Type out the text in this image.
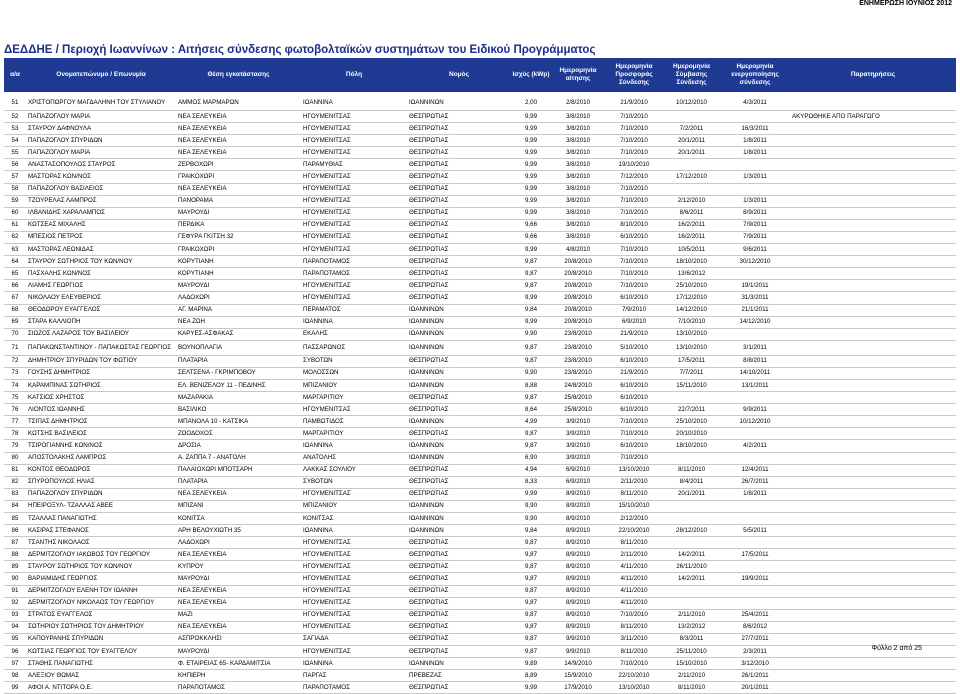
ΕΝΗΜΕΡΩΣΗ ΙΟΥΝΙΟΣ 2012
ΔΕΔΔΗΕ / Περιοχή Ιωαννίνων : Αιτήσεις σύνδεσης φωτοβολταϊκών συστημάτων του Ειδικού Προγράμματος
α/α	Ονοματεπώνυμο / Επωνυμία	Θέση εγκατάστασης	Πόλη	Νομός	Ισχύς (kWp)	Ημερομηνία αίτησης	Ημερομηνία Προσφοράς Σύνδεσης	Ημερομηνία Σύμβασης Σύνδεσης	Ημερομηνία ενεργοποίησης σύνδεσης	Παρατηρήσεις

51	ΧΡΙΣΤΟΠΩΡΓΟΥ ΜΑΓΔΑΛΗΝΗ ΤΟΥ ΣΤΥΛΙΑΝΟΥ	ΑΜΜΟΣ ΜΑΡΜΑΡΩΝ	ΙΩΑΝΝΙΝΑ	ΙΩΑΝΝΙΝΩΝ	2,00	2/8/2010	21/9/2010	10/12/2010	4/3/2011	
52	ΠΑΠΑΖΟΓΛΟΥ ΜΑΡΙΑ	ΝΕΑ ΣΕΛΕΥΚΕΙΑ	ΗΓΟΥΜΕΝΙΤΣΑΣ	ΘΕΣΠΡΩΤΙΑΣ	9,99	3/8/2010	7/10/2010			ΑΚΥΡΩΘΗΚΕ ΑΠΟ ΠΑΡΑΓΩΓΟ
53	ΣΤΑΥΡΟΥ ΔΑΦΝΟΥΛΑ	ΝΕΑ ΣΕΛΕΥΚΕΙΑ	ΗΓΟΥΜΕΝΙΤΣΑΣ	ΘΕΣΠΡΩΤΙΑΣ	9,99	3/8/2010	7/10/2010	7/2/2011	16/3/2011	
54	ΠΑΠΑΖΟΓΛΟΥ ΣΠΥΡΙΔΩΝ	ΝΕΑ ΣΕΛΕΥΚΕΙΑ	ΗΓΟΥΜΕΝΙΤΣΑΣ	ΘΕΣΠΡΩΤΙΑΣ	9,99	3/8/2010	7/10/2010	20/1/2011	1/8/2011	
55	ΠΑΠΑΖΟΓΛΟΥ ΜΑΡΙΑ	ΝΕΑ ΣΕΛΕΥΚΕΙΑ	ΗΓΟΥΜΕΝΙΤΣΑΣ	ΘΕΣΠΡΩΤΙΑΣ	9,99	3/8/2010	7/10/2010	20/1/2011	1/8/2011	
56	ΑΝΑΣΤΑΣΟΠΟΥΛΟΣ ΣΤΑΥΡΟΣ	ΖΕΡΒΟΧΩΡΙ	ΠΑΡΑΜΥΘΙΑΣ	ΘΕΣΠΡΩΤΙΑΣ	9,99	3/8/2010	19/10/2010			
57	ΜΑΣΤΟΡΑΣ ΚΩΝ/ΝΟΣ	ΓΡΑΙΚΟΧΩΡΙ	ΗΓΟΥΜΕΝΙΤΣΑΣ	ΘΕΣΠΡΩΤΙΑΣ	9,99	3/8/2010	7/12/2010	17/12/2010	1/3/2011	
58	ΠΑΠΑΖΟΓΛΟΥ ΒΑΣΙΛΕΙΟΣ	ΝΕΑ ΣΕΛΕΥΚΕΙΑ	ΗΓΟΥΜΕΝΙΤΣΑΣ	ΘΕΣΠΡΩΤΙΑΣ	9,99	3/8/2010	7/10/2010			
59	ΤΖΟΥΡΕΛΑΣ ΛΑΜΠΡΟΣ	ΠΑΝΟΡΑΜΑ	ΗΓΟΥΜΕΝΙΤΣΑΣ	ΘΕΣΠΡΩΤΙΑΣ	9,99	3/8/2010	7/10/2010	2/12/2010	1/3/2011	
60	ΙΛΒΑΝΙΔΗΣ ΧΑΡΑΛΑΜΠΟΣ	ΜΑΥΡΟΥΔΙ	ΗΓΟΥΜΕΝΙΤΣΑΣ	ΘΕΣΠΡΩΤΙΑΣ	9,99	3/8/2010	7/10/2010	8/6/2011	8/9/2011	
61	ΚΩΤΣΕΑΣ ΜΙΧΑΛΗΣ	ΠΕΡΔΙΚΑ	ΗΓΟΥΜΕΝΙΤΣΑΣ	ΘΕΣΠΡΩΤΙΑΣ	9,66	3/8/2010	8/10/2010	16/2/2011	7/9/2011	
62	ΜΠΕΣΙΟΣ ΠΕΤΡΟΣ	ΓΕΦΥΡΑ ΓΚΙΤΣΗ 32	ΗΓΟΥΜΕΝΙΤΣΑΣ	ΘΕΣΠΡΩΤΙΑΣ	9,66	3/8/2010	6/10/2010	16/2/2011	7/9/2011	
63	ΜΑΣΤΟΡΑΣ ΛΕΩΝΙΔΑΣ	ΓΡΑΙΚΟΧΩΡΙ	ΗΓΟΥΜΕΝΙΤΣΑΣ	ΘΕΣΠΡΩΤΙΑΣ	9,99	4/8/2010	7/10/2010	10/5/2011	9/6/2011	
64	ΣΤΑΥΡΟΥ ΣΩΤΗΡΙΟΣ ΤΟΥ ΚΩΝ/ΝΟΥ	ΚΟΡΥΤΙΑΝΗ	ΠΑΡΑΠΟΤΑΜΟΣ	ΘΕΣΠΡΩΤΙΑΣ	9,87	20/8/2010	7/10/2010	18/10/2010	30/12/2010	
65	ΠΑΣΧΑΛΗΣ ΚΩΝ/ΝΟΣ	ΚΟΡΥΤΙΑΝΗ	ΠΑΡΑΠΟΤΑΜΟΣ	ΘΕΣΠΡΩΤΙΑΣ	9,87	20/8/2010	7/10/2010	13/6/2012		
66	ΛΙΑΜΗΣ ΓΕΩΡΓΙΟΣ	ΜΑΥΡΟΥΔΙ	ΗΓΟΥΜΕΝΙΤΣΑΣ	ΘΕΣΠΡΩΤΙΑΣ	9,87	20/8/2010	7/10/2010	25/10/2010	19/1/2011	
67	ΝΙΚΟΛΑΟΥ ΕΛΕΥΘΕΡΙΟΣ	ΛΑΔΟΧΩΡΙ	ΗΓΟΥΜΕΝΙΤΣΑΣ	ΘΕΣΠΡΩΤΙΑΣ	9,99	20/8/2010	6/10/2010	17/12/2010	31/3/2011	
68	ΘΕΟΔΩΡΟΥ ΕΥΑΓΓΕΛΟΣ	ΑΓ. ΜΑΡΙΝΑ	ΠΕΡΑΜΑΤΟΣ	ΙΩΑΝΝΙΝΩΝ	9,84	20/8/2010	7/9/2010	14/12/2010	21/1/2011	
69	ΣΤΑΡΑ ΚΑΛΛΙΟΠΗ	ΝΕΑ ΖΩΗ	ΙΩΑΝΝΙΝΑ	ΙΩΑΝΝΙΝΩΝ	9,99	20/8/2010	6/9/2010	7/10/2010	14/12/2010	
70	ΣΙΩΖΟΣ ΛΑΖΑΡΟΣ ΤΟΥ ΒΑΣΙΛΕΙΟΥ	ΚΑΡΥΕΣ-ΑΣΦΑΚΑΣ	ΕΚΑΛΗΣ	ΙΩΑΝΝΙΝΩΝ	9,90	23/8/2010	21/9/2010	13/10/2010		
71	ΠΑΠΑΚΩΝΣΤΑΝΤΙΝΟΥ - ΠΑΠΑΚΩΣΤΑΣ ΓΕΩΡΓΙΟΣ	ΒΟΥΝΟΠΛΑΓΙΑ	ΠΑΣΣΑΡΩΝΟΣ	ΙΩΑΝΝΙΝΩΝ	9,87	23/8/2010	5/10/2010	13/10/2010	3/1/2011	
72	ΔΗΜΗΤΡΙΟΥ ΣΠΥΡΙΔΩΝ ΤΟΥ ΦΩΤΙΟΥ	ΠΛΑΤΑΡΙΑ	ΣΥΒΟΤΩΝ	ΘΕΣΠΡΩΤΙΑΣ	9,87	23/8/2010	6/10/2010	17/5/2011	8/8/2011	
73	ΓΟΥΣΗΣ ΔΗΜΗΤΡΙΟΣ	ΣΕΛΤΣΕΝΑ - ΓΚΡΙΜΠΟΒΟΥ	ΜΟΛΟΣΣΩΝ	ΙΩΑΝΝΙΝΩΝ	9,90	23/8/2010	21/9/2010	7/7/2011	14/10/2011	
74	ΚΑΡΑΜΠΙΝΑΣ ΣΩΤΗΡΙΟΣ	ΕΛ. ΒΕΝΙΖΕΛΟΥ 11 - ΠΕΔΙΝΗΣ	ΜΠΙΖΑΝΙΟΥ	ΙΩΑΝΝΙΝΩΝ	8,88	24/8/2010	6/10/2010	15/11/2010	13/1/2011	
75	ΚΑΤΣΙΟΣ ΧΡΗΣΤΟΣ	ΜΑΖΑΡΑΚΙΑ	ΜΑΡΓΑΡΙΤΙΟΥ	ΘΕΣΠΡΩΤΙΑΣ	9,87	25/8/2010	6/10/2010			
76	ΛΙΟΝΤΟΣ ΙΩΑΝΝΗΣ	ΒΑΣΙΛΙΚΟ	ΗΓΟΥΜΕΝΙΤΣΑΣ	ΘΕΣΠΡΩΤΙΑΣ	8,64	25/8/2010	6/10/2010	22/7/2011	9/9/2011	
77	ΤΣΙΠΑΣ ΔΗΜΗΤΡΙΟΣ	ΜΠΑΝΟΛΑ 10 - ΚΑΤΣΙΚΑ	ΠΑΜΒΩΤΙΔΟΣ	ΙΩΑΝΝΙΝΩΝ	4,99	3/9/2010	7/10/2010	25/10/2010	10/12/2010	
78	ΚΩΤΣΗΣ ΒΑΣΙΛΕΙΟΣ	ΖΩΟΔΟΧΟΣ	ΜΑΡΓΑΡΙΤΙΟΥ	ΘΕΣΠΡΩΤΙΑΣ	9,87	3/9/2010	7/10/2010	20/10/2010		
79	ΤΣΙΡΟΓΙΑΝΝΗΣ ΚΩΝ/ΝΟΣ	ΔΡΟΣΙΑ	ΙΩΑΝΝΙΝΑ	ΙΩΑΝΝΙΝΩΝ	9,87	3/9/2010	6/10/2010	18/10/2010	4/2/2011	
80	ΑΠΟΣΤΟΛΑΚΗΣ ΛΑΜΠΡΟΣ	Α. ΖΑΠΠΑ 7 - ΑΝΑΤΟΛΗ	ΑΝΑΤΟΛΗΣ	ΙΩΑΝΝΙΝΩΝ	6,90	3/9/2010	7/10/2010			
81	ΚΟΝΤΟΣ ΘΕΟΔΩΡΟΣ	ΠΑΛΑΙΟΧΩΡΙ ΜΠΟΤΣΑΡΗ	ΛΑΚΚΑΣ ΣΟΥΛΙΟΥ	ΘΕΣΠΡΩΤΙΑΣ	4,94	6/9/2010	13/10/2010	8/11/2010	12/4/2011	
82	ΣΠΥΡΟΠΟΥΛΟΣ ΗΛΙΑΣ	ΠΛΑΤΑΡΙΑ	ΣΥΒΟΤΩΝ	ΘΕΣΠΡΩΤΙΑΣ	8,33	6/9/2010	2/11/2010	8/4/2011	26/7/2011	
83	ΠΑΠΑΖΟΓΛΟΥ ΣΠΥΡΙΔΩΝ	ΝΕΑ ΣΕΛΕΥΚΕΙΑ	ΗΓΟΥΜΕΝΙΤΣΑΣ	ΘΕΣΠΡΩΤΙΑΣ	9,99	8/9/2010	8/11/2010	20/1/2011	1/8/2011	
84	ΗΠΕΙΡΟΞΥΛ- ΤΖΑΛΛΑΣ ΑΒΕΕ	ΜΠΙΖΑΝΙ	ΜΠΙΖΑΝΙΟΥ	ΙΩΑΝΝΙΝΩΝ	9,90	8/9/2010	15/10/2010			
85	ΤΖΑΛΛΑΣ ΠΑΝΑΓΙΩΤΗΣ	ΚΟΝΙΤΣΑ	ΚΟΝΙΤΣΑΣ	ΙΩΑΝΝΙΝΩΝ	9,90	8/9/2010	2/12/2010			
86	ΚΑΣΙΡΑΣ ΣΤΕΦΑΝΟΣ	ΑΡΗ ΒΕΛΟΥΧΙΩΤΗ 35	ΙΩΑΝΝΙΝΑ	ΙΩΑΝΝΙΝΩΝ	9,84	8/9/2010	22/10/2010	28/12/2010	5/5/2011	
87	ΤΣΑΝΤΗΣ ΝΙΚΟΛΑΟΣ	ΛΑΔΟΧΩΡΙ	ΗΓΟΥΜΕΝΙΤΣΑΣ	ΘΕΣΠΡΩΤΙΑΣ	9,87	8/9/2010	8/11/2010			
88	ΔΕΡΜΙΤΖΟΓΛΟΥ ΙΑΚΩΒΟΣ ΤΟΥ ΓΕΩΡΓΙΟΥ	ΝΕΑ ΣΕΛΕΥΚΕΙΑ	ΗΓΟΥΜΕΝΙΤΣΑΣ	ΘΕΣΠΡΩΤΙΑΣ	9,87	8/9/2010	2/11/2010	14/2/2011	17/5/2011	
89	ΣΤΑΥΡΟΥ ΣΩΤΗΡΙΟΣ ΤΟΥ ΚΩΝ/ΝΟΥ	ΚΥΠΡΟΥ	ΗΓΟΥΜΕΝΙΤΣΑΣ	ΘΕΣΠΡΩΤΙΑΣ	9,87	8/9/2010	4/11/2010	26/11/2010		
90	ΒΑΡΙΑΜΙΔΗΣ ΓΕΩΡΓΙΟΣ	ΜΑΥΡΟΥΔΙ	ΗΓΟΥΜΕΝΙΤΣΑΣ	ΘΕΣΠΡΩΤΙΑΣ	9,87	8/9/2010	4/11/2010	14/2/2011	19/9/2011	
91	ΔΕΡΜΙΤΖΟΓΛΟΥ ΕΛΕΝΗ ΤΟΥ ΙΩΑΝΝΗ	ΝΕΑ ΣΕΛΕΥΚΕΙΑ	ΗΓΟΥΜΕΝΙΤΣΑΣ	ΘΕΣΠΡΩΤΙΑΣ	9,87	8/9/2010	4/11/2010			
92	ΔΕΡΜΙΤΖΟΓΛΟΥ ΝΙΚΟΛΑΟΣ ΤΟΥ ΓΕΩΡΓΙΟΥ	ΝΕΑ ΣΕΛΕΥΚΕΙΑ	ΗΓΟΥΜΕΝΙΤΣΑΣ	ΘΕΣΠΡΩΤΙΑΣ	9,87	8/9/2010	4/11/2010			
93	ΣΤΡΑΤΟΣ ΕΥΑΓΓΕΛΟΣ	ΜΑΖΙ	ΗΓΟΥΜΕΝΙΤΣΑΣ	ΘΕΣΠΡΩΤΙΑΣ	9,87	8/9/2010	7/10/2010	2/11/2010	25/4/2011	
94	ΣΩΤΗΡΙΟΥ ΣΩΤΗΡΙΟΣ ΤΟΥ ΔΗΜΗΤΡΙΟΥ	ΝΕΑ ΣΕΛΕΥΚΕΙΑ	ΗΓΟΥΜΕΝΙΤΣΑΣ	ΘΕΣΠΡΩΤΙΑΣ	9,87	8/9/2010	8/11/2010	13/2/2012	8/6/2012	
95	ΚΑΠΟΥΡΑΝΗΣ ΣΠΥΡΙΔΩΝ	ΑΣΠΡΟΚΚΛΗΣΙ	ΣΑΓΙΑΔΑ	ΘΕΣΠΡΩΤΙΑΣ	9,87	9/9/2010	3/11/2010	8/3/2011	27/7/2011	
96	ΚΩΤΣΙΑΣ ΓΕΩΡΓΙΟΣ ΤΟΥ ΕΥΑΓΓΕΛΟΥ	ΜΑΥΡΟΥΔΙ	ΗΓΟΥΜΕΝΙΤΣΑΣ	ΘΕΣΠΡΩΤΙΑΣ	9,87	9/9/2010	8/11/2010	25/11/2010	2/3/2011	
97	ΣΤΑΘΗΣ ΠΑΝΑΓΙΩΤΗΣ	Φ. ΕΤΑΙΡΕΙΑΣ 65- ΚΑΡΔΑΜΙΤΣΙΑ	ΙΩΑΝΝΙΝΑ	ΙΩΑΝΝΙΝΩΝ	9,89	14/9/2010	7/10/2010	15/10/2010	3/12/2010	
98	ΑΛΕΞΙΟΥ ΘΩΜΑΣ	ΚΗΠΙΕΡΗ	ΠΑΡΓΑΣ	ΠΡΕΒΕΖΑΣ	8,89	15/9/2010	22/10/2010	2/11/2010	26/1/2011	
99	ΑΦΟΙ Α. ΝΤΙΤΟΡΑ Ο.Ε.	ΠΑΡΑΠΟΤΑΜΟΣ	ΠΑΡΑΠΟΤΑΜΟΣ	ΘΕΣΠΡΩΤΙΑΣ	9,99	17/9/2010	13/10/2010	8/11/2010	20/1/2011	
Φύλλο 2 από 25
